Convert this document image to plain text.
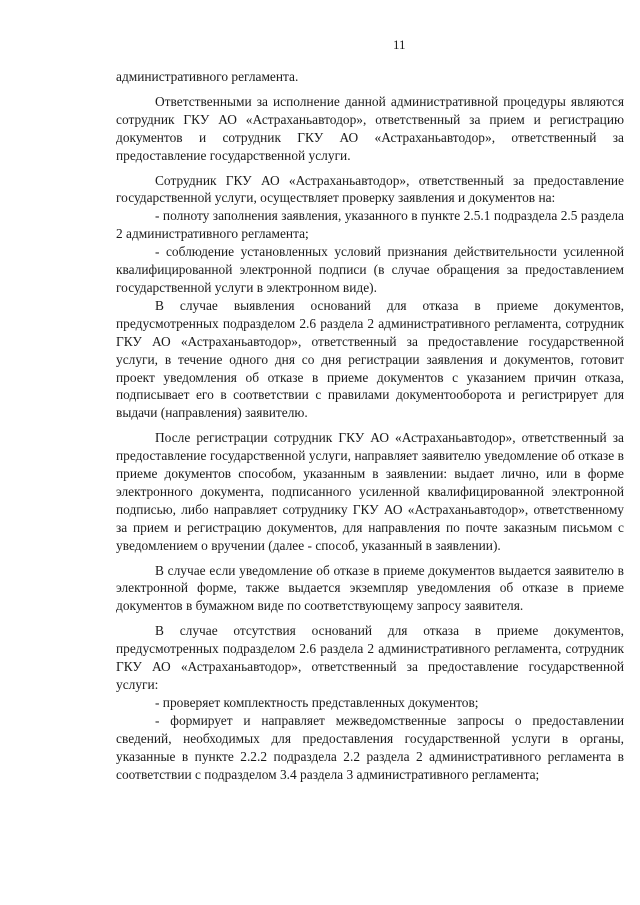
11

административного регламента.

Ответственными за исполнение данной административной процедуры являются сотрудник ГКУ АО «Астраханьавтодор», ответственный за прием и регистрацию документов и сотрудник ГКУ АО «Астраханьавтодор», ответственный за предоставление государственной услуги.

Сотрудник ГКУ АО «Астраханьавтодор», ответственный за предоставление государственной услуги, осуществляет проверку заявления и документов на:

- полноту заполнения заявления, указанного в пункте 2.5.1 подраздела 2.5 раздела 2 административного регламента;

- соблюдение установленных условий признания действительности усиленной квалифицированной электронной подписи (в случае обращения за предоставлением государственной услуги в электронном виде).

В случае выявления оснований для отказа в приеме документов, предусмотренных подразделом 2.6 раздела 2 административного регламента, сотрудник ГКУ АО «Астраханьавтодор», ответственный за предоставление государственной услуги, в течение одного дня со дня регистрации заявления и документов, готовит проект уведомления об отказе в приеме документов с указанием причин отказа, подписывает его в соответствии с правилами документооборота и регистрирует для выдачи (направления) заявителю.

После регистрации сотрудник ГКУ АО «Астраханьавтодор», ответственный за предоставление государственной услуги, направляет заявителю уведомление об отказе в приеме документов способом, указанным в заявлении: выдает лично, или в форме электронного документа, подписанного усиленной квалифицированной электронной подписью, либо направляет сотруднику ГКУ АО «Астраханьавтодор», ответственному за прием и регистрацию документов, для направления по почте заказным письмом с уведомлением о вручении (далее - способ, указанный в заявлении).

В случае если уведомление об отказе в приеме документов выдается заявителю в электронной форме, также выдается экземпляр уведомления об отказе в приеме документов в бумажном виде по соответствующему запросу заявителя.

В случае отсутствия оснований для отказа в приеме документов, предусмотренных подразделом 2.6 раздела 2 административного регламента, сотрудник ГКУ АО «Астраханьавтодор», ответственный за предоставление государственной услуги:

- проверяет комплектность представленных документов;

- формирует и направляет межведомственные запросы о предоставлении сведений, необходимых для предоставления государственной услуги в органы, указанные в пункте 2.2.2 подраздела 2.2 раздела 2 административного регламента в соответствии с подразделом 3.4 раздела 3 административного регламента;
